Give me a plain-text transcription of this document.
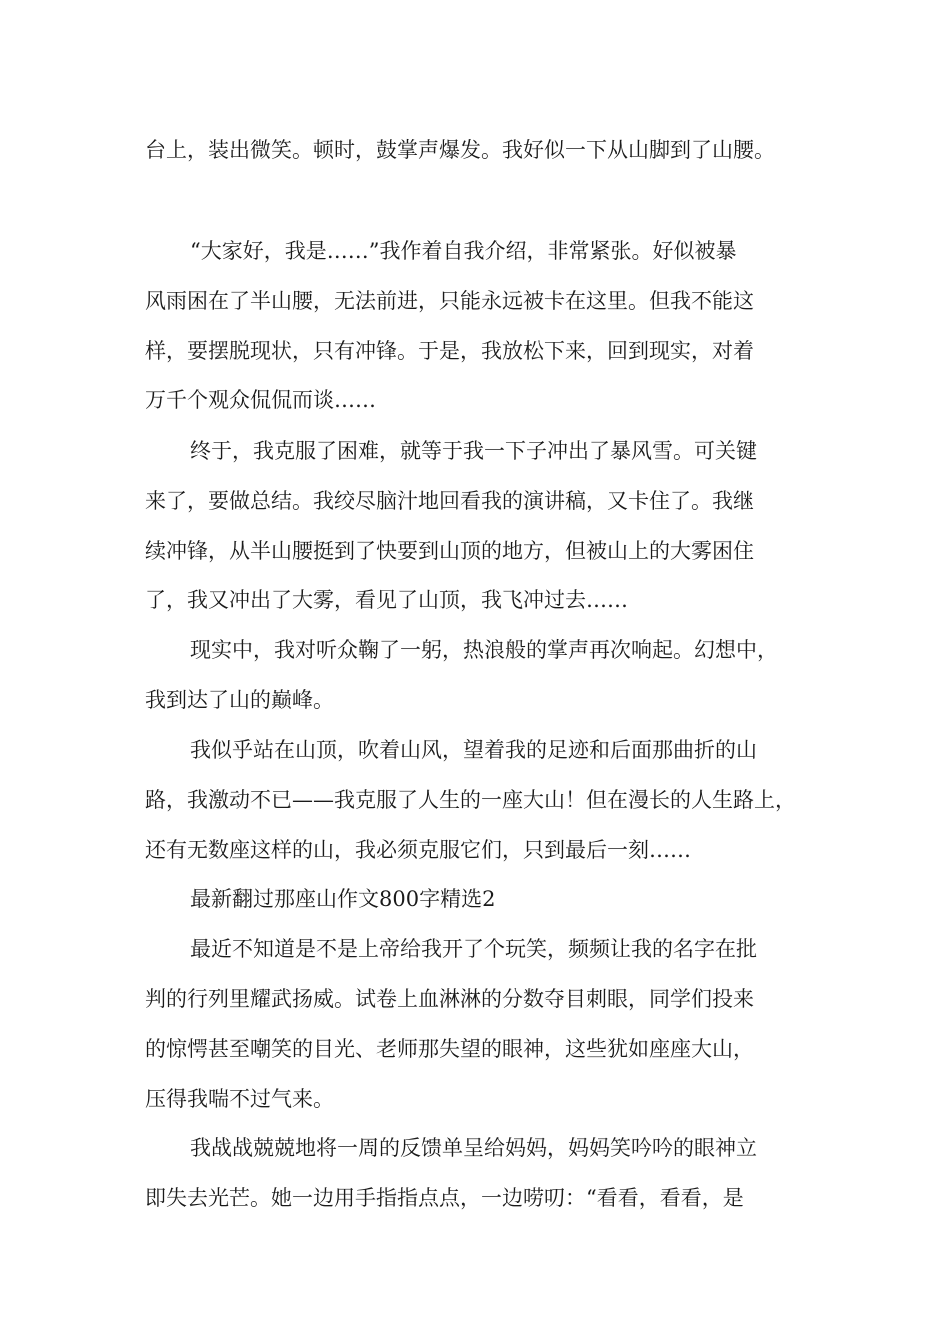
台上，装出微笑。顿时，鼓掌声爆发。我好似一下从山脚到了山腰。

“大家好，我是……”我作着自我介绍，非常紧张。好似被暴

风雨困在了半山腰，无法前进，只能永远被卡在这里。但我不能这

样，要摆脱现状，只有冲锋。于是，我放松下来，回到现实，对着

万千个观众侃侃而谈……

终于，我克服了困难，就等于我一下子冲出了暴风雪。可关键

来了，要做总结。我绞尽脑汁地回看我的演讲稿，又卡住了。我继

续冲锋，从半山腰挺到了快要到山顶的地方，但被山上的大雾困住

了，我又冲出了大雾，看见了山顶，我飞冲过去……

现实中，我对听众鞠了一躬，热浪般的掌声再次响起。幻想中，

我到达了山的巅峰。

我似乎站在山顶，吹着山风，望着我的足迹和后面那曲折的山

路，我激动不已——我克服了人生的一座大山！但在漫长的人生路上，

还有无数座这样的山，我必须克服它们，只到最后一刻……

最新翻过那座山作文800字精选2

最近不知道是不是上帝给我开了个玩笑，频频让我的名字在批

判的行列里耀武扬威。试卷上血淋淋的分数夺目刺眼，同学们投来

的惊愕甚至嘲笑的目光、老师那失望的眼神，这些犹如座座大山，

压得我喘不过气来。

我战战兢兢地将一周的反馈单呈给妈妈，妈妈笑吟吟的眼神立

即失去光芒。她一边用手指指点点，一边唠叨：“看看，看看，是
